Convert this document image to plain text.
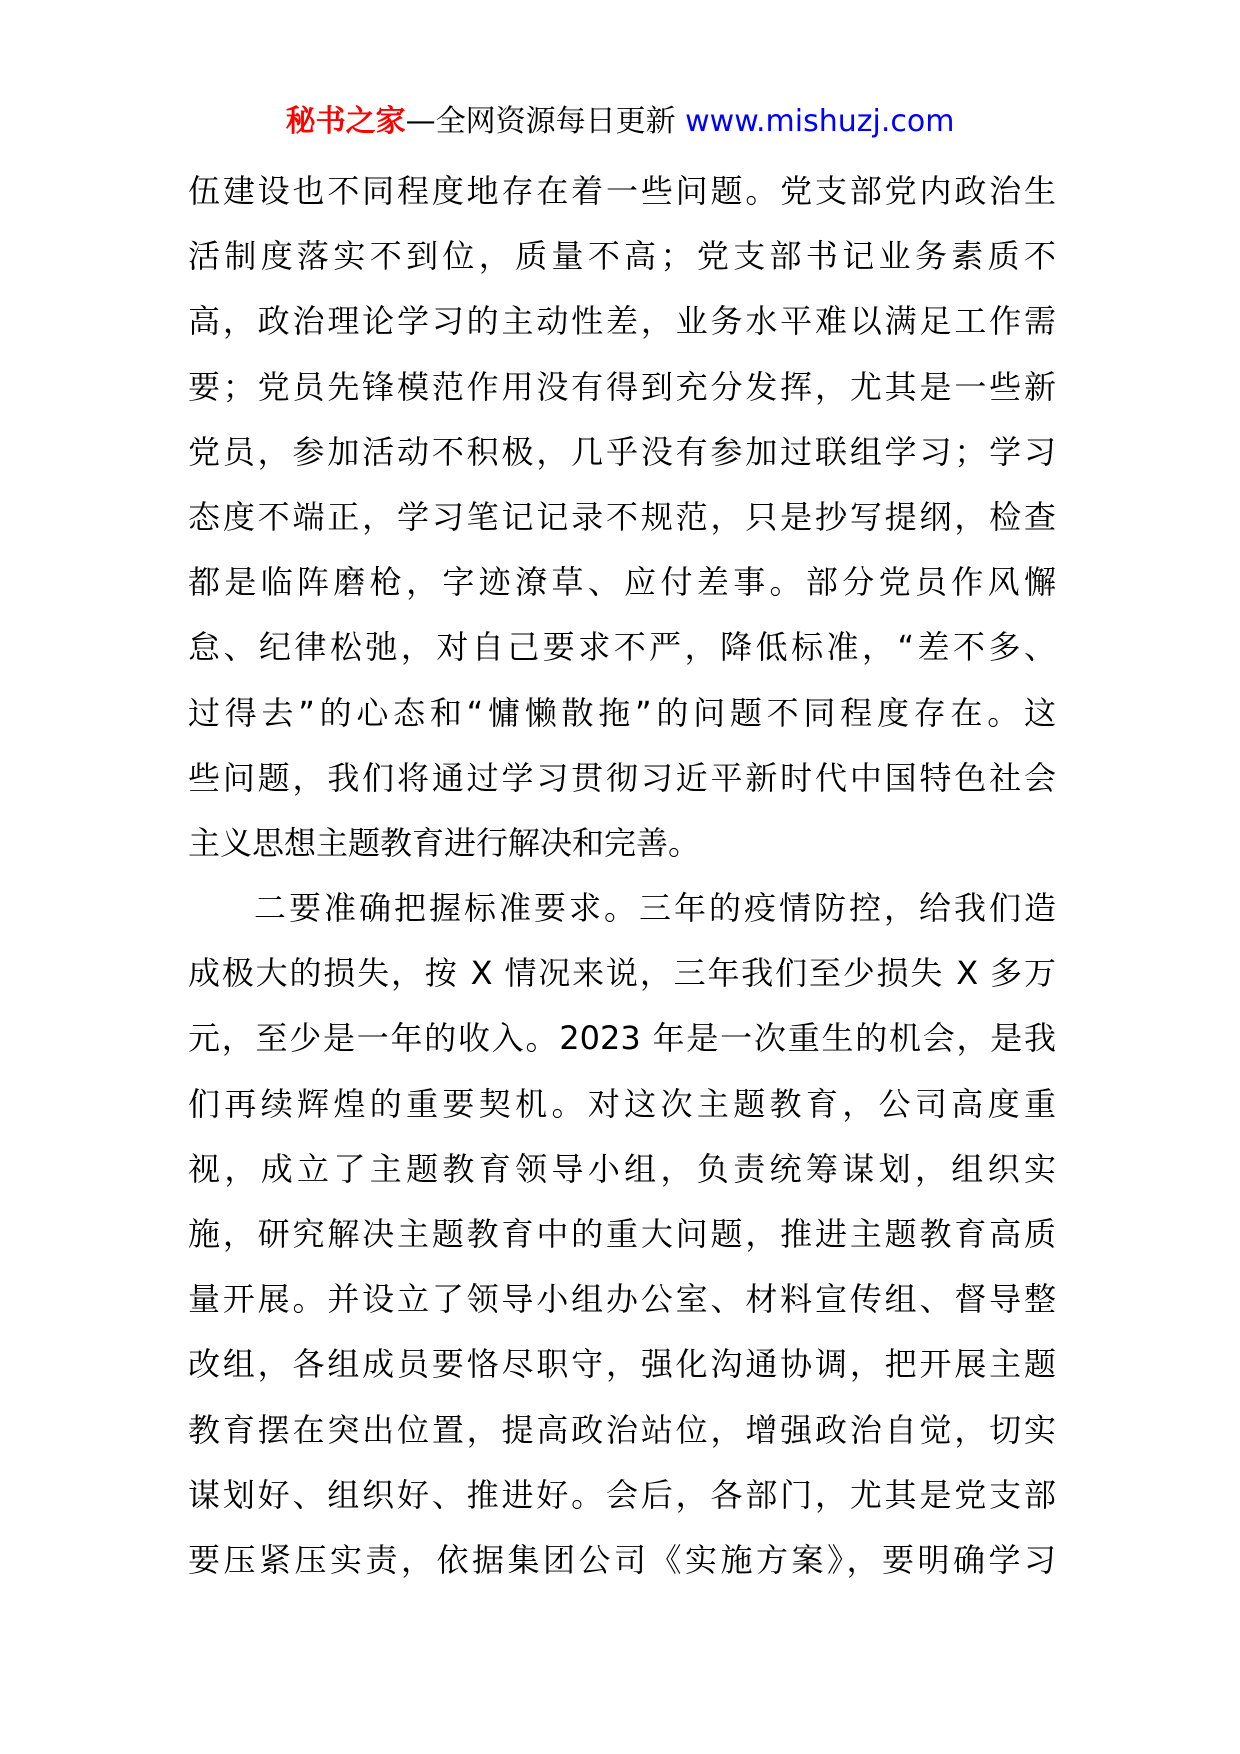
秘书之家—全网资源每日更新 www.mishuzj.com
伍建设也不同程度地存在着一些问题。党支部党内政治生
活制度落实不到位，质量不高；党支部书记业务素质不
高，政治理论学习的主动性差，业务水平难以满足工作需
要；党员先锋模范作用没有得到充分发挥，尤其是一些新
党员，参加活动不积极，几乎没有参加过联组学习；学习
态度不端正，学习笔记记录不规范，只是抄写提纲，检查
都是临阵磨枪，字迹潦草、应付差事。部分党员作风懈
怠、纪律松弛，对自己要求不严，降低标准，“差不多、
过得去”的心态和“慵懒散拖”的问题不同程度存在。这
些问题，我们将通过学习贯彻习近平新时代中国特色社会
主义思想主题教育进行解决和完善。
二要准确把握标准要求。三年的疫情防控，给我们造
成极大的损失，按 X 情况来说，三年我们至少损失 X 多万
元，至少是一年的收入。2023 年是一次重生的机会，是我
们再续辉煌的重要契机。对这次主题教育，公司高度重
视，成立了主题教育领导小组，负责统筹谋划，组织实
施，研究解决主题教育中的重大问题，推进主题教育高质
量开展。并设立了领导小组办公室、材料宣传组、督导整
改组，各组成员要恪尽职守，强化沟通协调，把开展主题
教育摆在突出位置，提高政治站位，增强政治自觉，切实
谋划好、组织好、推进好。会后，各部门，尤其是党支部
要压紧压实责，依据集团公司《实施方案》，要明确学习
